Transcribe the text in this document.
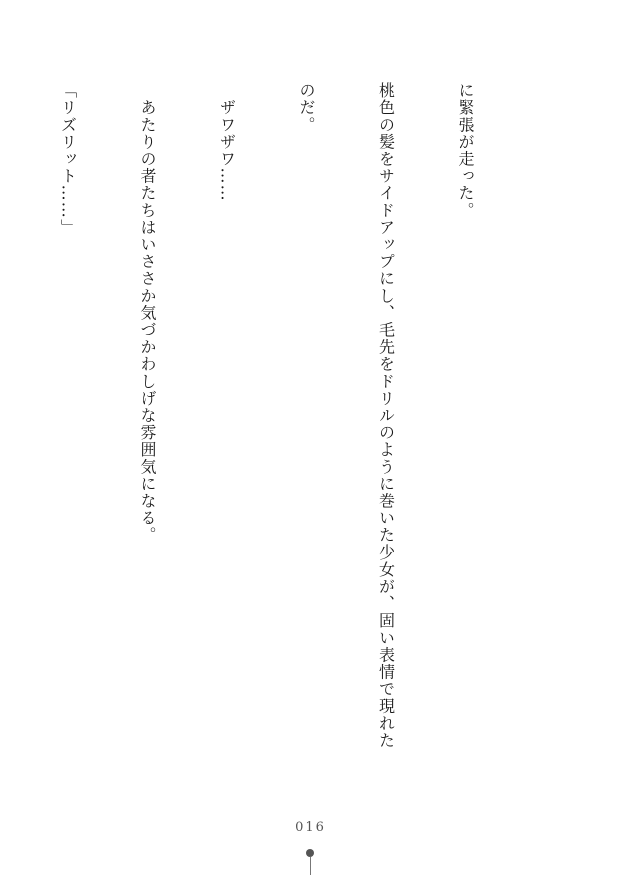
に緊張が走った。

桃色の髪をサイドアップにし、毛先をドリルのように巻いた少女が、固い表情で現れた

のだ。

　ザワザワ……

　あたりの者たちはいささか気づかわしげな雰囲気になる。

「リズリット……」

016
